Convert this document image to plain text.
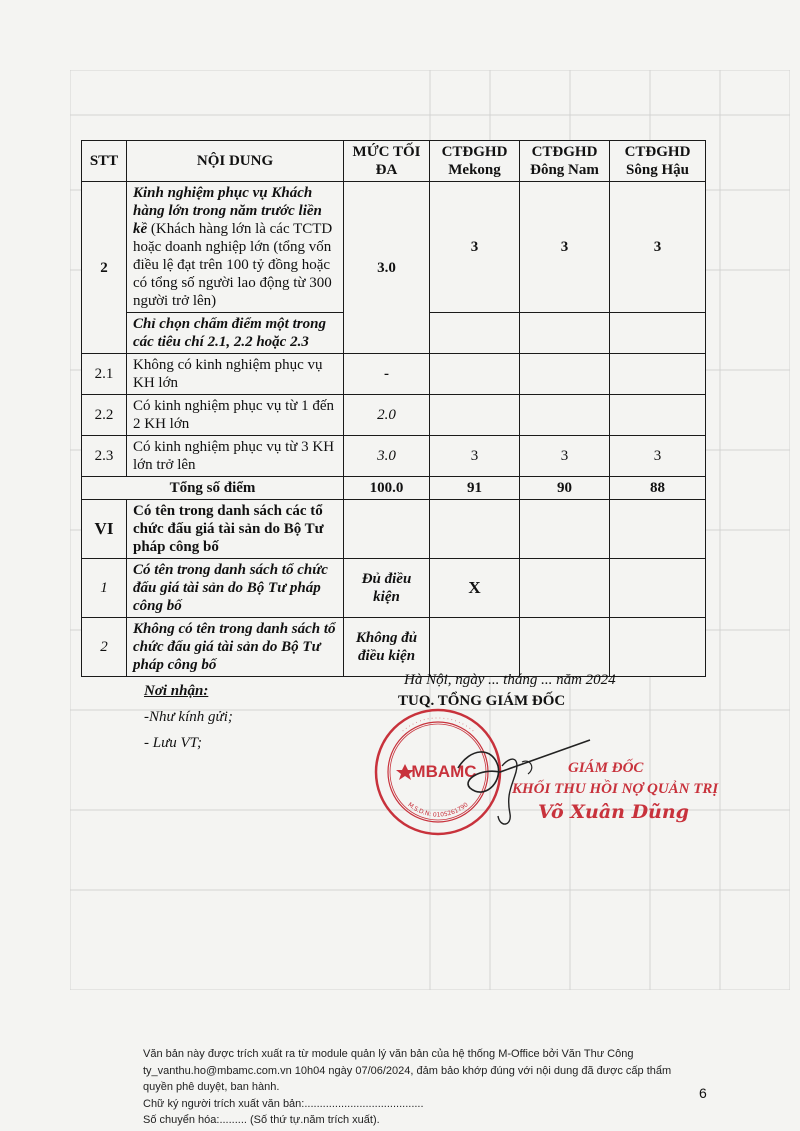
STT	NỘI DUNG	MỨC TỐI ĐA	CTĐGHD Mekong	CTĐGHD Đông Nam	CTĐGHD Sông Hậu
2	Kinh nghiệm phục vụ Khách hàng lớn trong năm trước liền kề (Khách hàng lớn là các TCTD hoặc doanh nghiệp lớn (tổng vốn điều lệ đạt trên 100 tỷ đồng hoặc có tổng số người lao động từ 300 người trở lên)	3.0	3	3	3
	Chỉ chọn chấm điểm một trong các tiêu chí 2.1, 2.2 hoặc 2.3				
2.1	Không có kinh nghiệm phục vụ KH lớn	-			
2.2	Có kinh nghiệm phục vụ từ 1 đến 2 KH lớn	2.0			
2.3	Có kinh nghiệm phục vụ từ 3 KH lớn trở lên	3.0	3	3	3
Tổng số điểm		100.0	91	90	88
VI	Có tên trong danh sách các tổ chức đấu giá tài sản do Bộ Tư pháp công bố				
1	Có tên trong danh sách tổ chức đấu giá tài sản do Bộ Tư pháp công bố	Đủ điều kiện	X		
2	Không có tên trong danh sách tổ chức đấu giá tài sản do Bộ Tư pháp công bố	Không đủ điều kiện			
Nơi nhận:
-Như kính gửi;
- Lưu VT;
Hà Nội, ngày ... tháng ... năm 2024
TUQ. TỔNG GIÁM ĐỐC
· · · · · · · · · · · · · · · · · · · ·
M.S.D.N: 0105261790
MBAMC	GIÁM ĐỐC
KHỐI THU HỒI NỢ QUẢN TRỊ
Võ Xuân Dũng
Văn bản này được trích xuất ra từ module quản lý văn bản của hệ thống M-Office bởi Văn Thư Công
ty_vanthu.ho@mbamc.com.vn 10h04 ngày 07/06/2024, đảm bảo khớp đúng với nội dung đã được cấp thẩm
quyền phê duyệt, ban hành.
Chữ ký người trích xuất văn bản:.......................................
Số chuyển hóa:......... (Số thứ tự.năm trích xuất).
6
